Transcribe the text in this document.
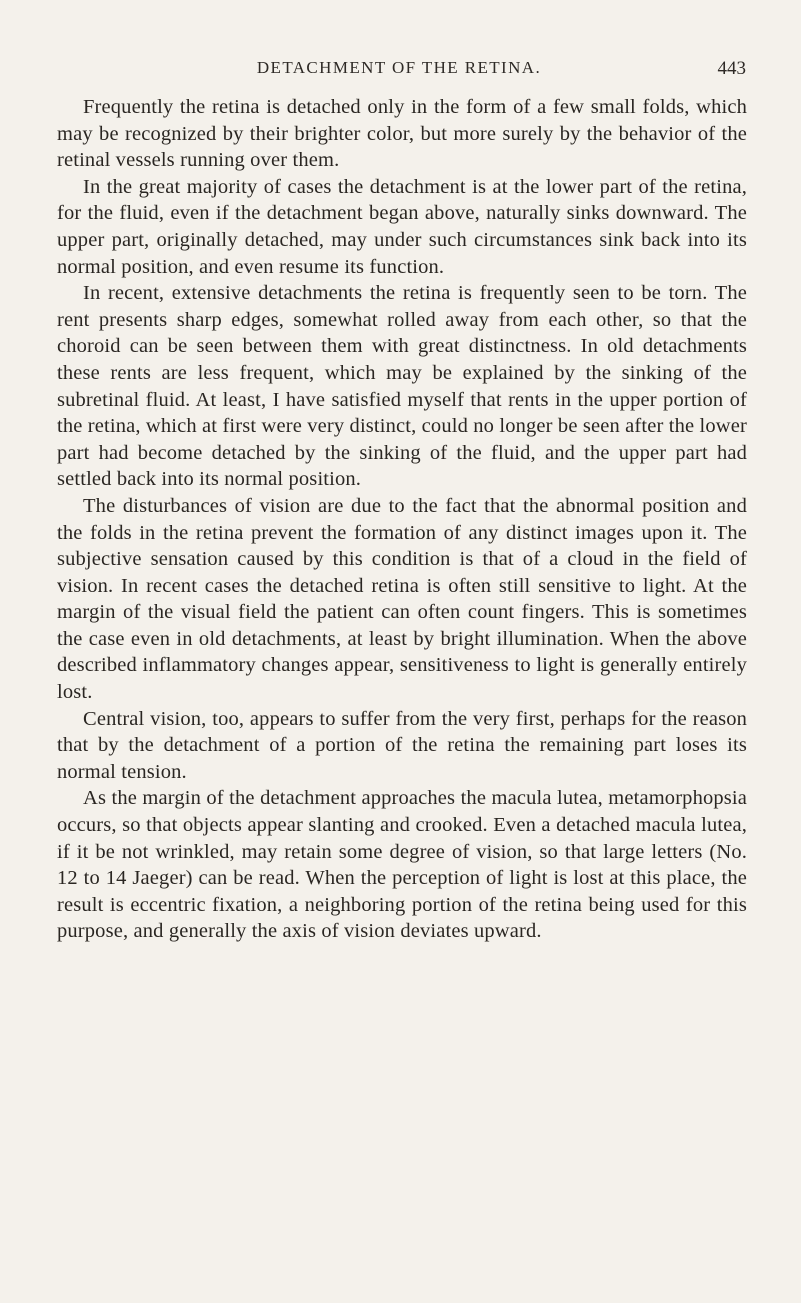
DETACHMENT OF THE RETINA.	443

Frequently the retina is detached only in the form of a few small folds, which may be recognized by their brighter color, but more surely by the behavior of the retinal vessels running over them.

In the great majority of cases the detachment is at the lower part of the retina, for the fluid, even if the detachment began above, naturally sinks downward. The upper part, originally detached, may under such circumstances sink back into its normal position, and even resume its function.

In recent, extensive detachments the retina is frequently seen to be torn. The rent presents sharp edges, somewhat rolled away from each other, so that the choroid can be seen between them with great distinctness. In old detachments these rents are less frequent, which may be explained by the sinking of the subretinal fluid. At least, I have satisfied myself that rents in the upper portion of the retina, which at first were very distinct, could no longer be seen after the lower part had become detached by the sinking of the fluid, and the upper part had settled back into its normal position.

The disturbances of vision are due to the fact that the abnormal position and the folds in the retina prevent the formation of any distinct images upon it. The subjective sensation caused by this condition is that of a cloud in the field of vision. In recent cases the detached retina is often still sensitive to light. At the margin of the visual field the patient can often count fingers. This is sometimes the case even in old detachments, at least by bright illumination. When the above described inflammatory changes appear, sensitiveness to light is generally entirely lost.

Central vision, too, appears to suffer from the very first, perhaps for the reason that by the detachment of a portion of the retina the remaining part loses its normal tension.

As the margin of the detachment approaches the macula lutea, metamorphopsia occurs, so that objects appear slanting and crooked. Even a detached macula lutea, if it be not wrinkled, may retain some degree of vision, so that large letters (No. 12 to 14 Jaeger) can be read. When the perception of light is lost at this place, the result is eccentric fixation, a neighboring portion of the retina being used for this purpose, and generally the axis of vision deviates upward.
